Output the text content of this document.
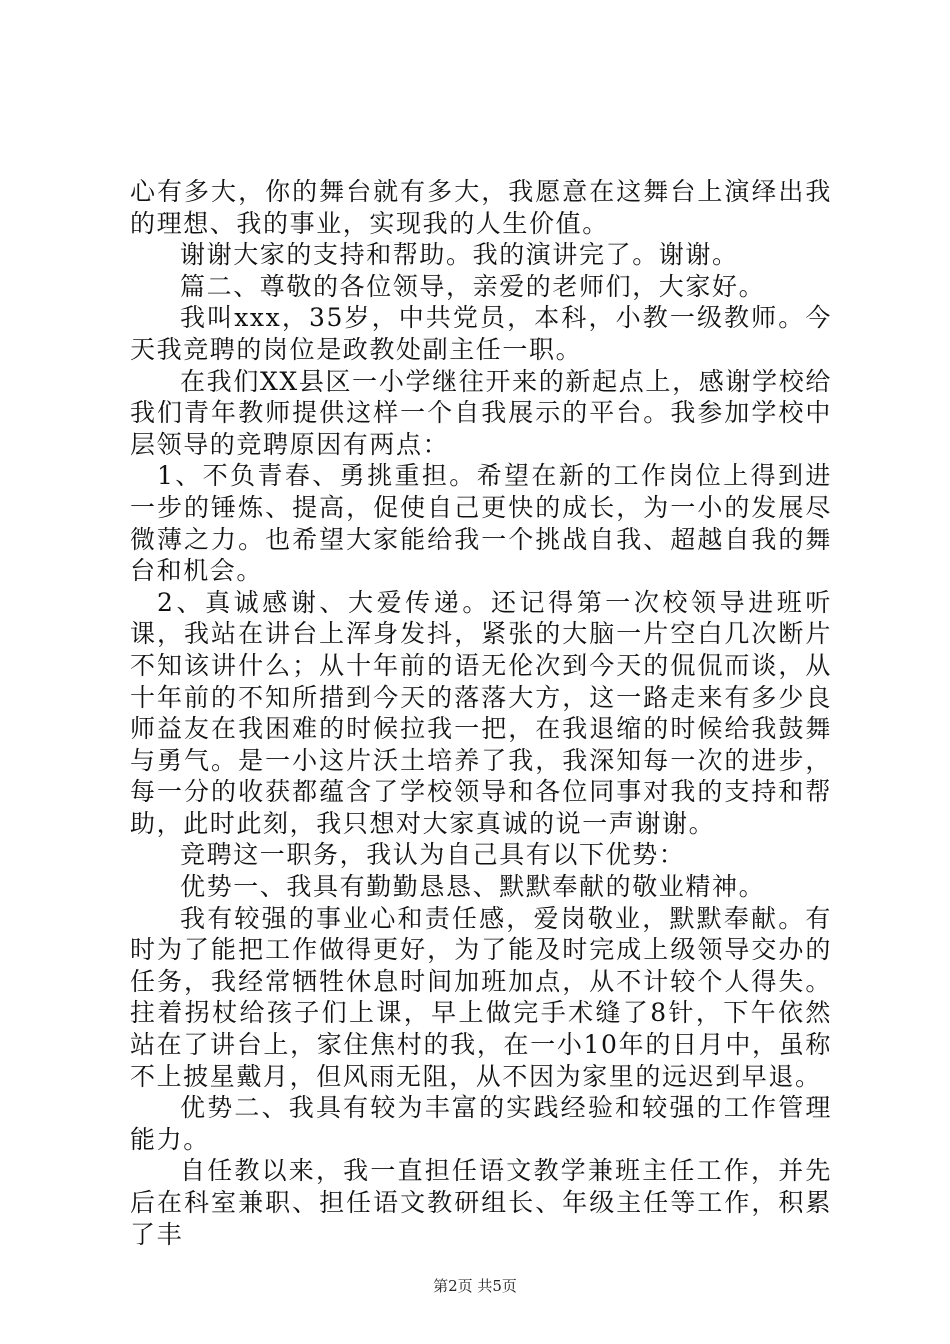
心有多大，你的舞台就有多大，我愿意在这舞台上演绎出我的理想、我的事业，实现我的人生价值。

谢谢大家的支持和帮助。我的演讲完了。谢谢。

篇二、尊敬的各位领导，亲爱的老师们，大家好。

我叫xxx，35岁，中共党员，本科，小教一级教师。今天我竞聘的岗位是政教处副主任一职。

在我们XX县区一小学继往开来的新起点上，感谢学校给我们青年教师提供这样一个自我展示的平台。我参加学校中层领导的竞聘原因有两点：

1、不负青春、勇挑重担。希望在新的工作岗位上得到进一步的锤炼、提高，促使自己更快的成长，为一小的发展尽微薄之力。也希望大家能给我一个挑战自我、超越自我的舞台和机会。

2、真诚感谢、大爱传递。还记得第一次校领导进班听课，我站在讲台上浑身发抖，紧张的大脑一片空白几次断片不知该讲什么；从十年前的语无伦次到今天的侃侃而谈，从十年前的不知所措到今天的落落大方，这一路走来有多少良师益友在我困难的时候拉我一把，在我退缩的时候给我鼓舞与勇气。是一小这片沃土培养了我，我深知每一次的进步，每一分的收获都蕴含了学校领导和各位同事对我的支持和帮助，此时此刻，我只想对大家真诚的说一声谢谢。

竞聘这一职务，我认为自己具有以下优势：

优势一、我具有勤勤恳恳、默默奉献的敬业精神。

我有较强的事业心和责任感，爱岗敬业，默默奉献。有时为了能把工作做得更好，为了能及时完成上级领导交办的任务，我经常牺牲休息时间加班加点，从不计较个人得失。拄着拐杖给孩子们上课，早上做完手术缝了8针，下午依然站在了讲台上，家住焦村的我，在一小10年的日月中，虽称不上披星戴月，但风雨无阻，从不因为家里的远迟到早退。

优势二、我具有较为丰富的实践经验和较强的工作管理能力。

自任教以来，我一直担任语文教学兼班主任工作，并先后在科室兼职、担任语文教研组长、年级主任等工作，积累了丰

第2页 共5页
